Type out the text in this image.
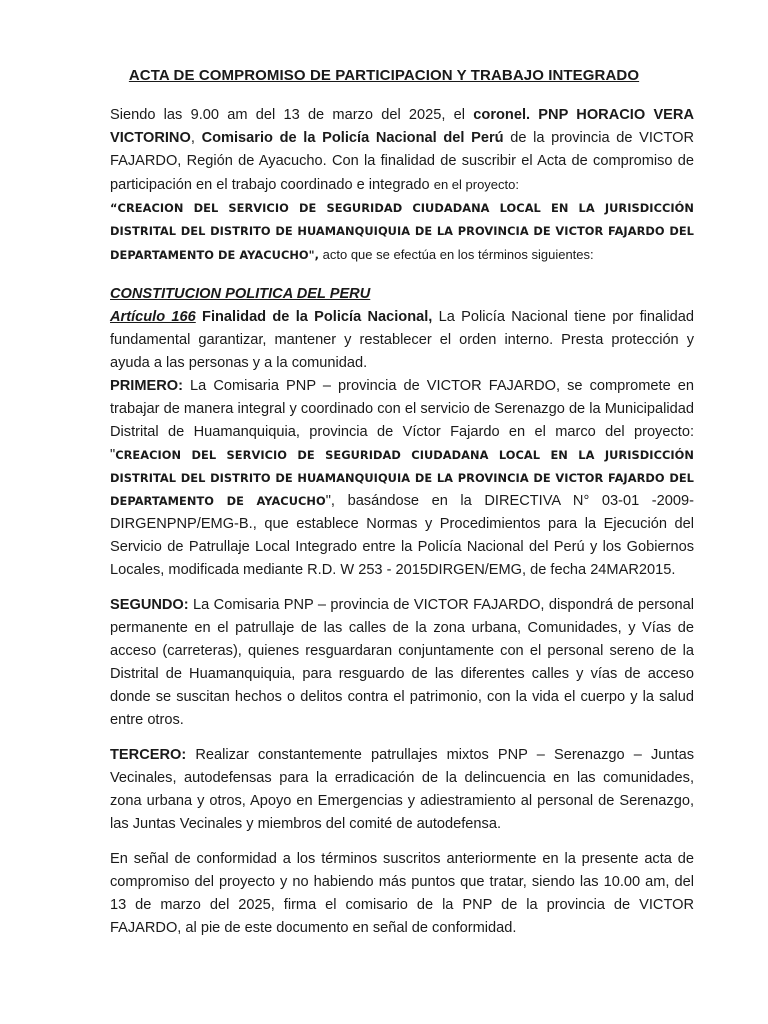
ACTA DE COMPROMISO DE PARTICIPACION Y TRABAJO INTEGRADO

Siendo las 9.00 am del 13 de marzo del 2025, el coronel. PNP HORACIO VERA VICTORINO, Comisario de la Policía Nacional del Perú de la provincia de VICTOR FAJARDO, Región de Ayacucho. Con la finalidad de suscribir el Acta de compromiso de participación en el trabajo coordinado e integrado en el proyecto:
“CREACION DEL SERVICIO DE SEGURIDAD CIUDADANA LOCAL EN LA JURISDICCIÓN DISTRITAL DEL DISTRITO DE HUAMANQUIQUIA DE LA PROVINCIA DE VICTOR FAJARDO DEL DEPARTAMENTO DE AYACUCHO", acto que se efectúa en los términos siguientes:

CONSTITUCION POLITICA DEL PERU
Artículo 166 Finalidad de la Policía Nacional, La Policía Nacional tiene por finalidad fundamental garantizar, mantener y restablecer el orden interno. Presta protección y ayuda a las personas y a la comunidad.

PRIMERO: La Comisaria PNP – provincia de VICTOR FAJARDO, se compromete en trabajar de manera integral y coordinado con el servicio de Serenazgo de la Municipalidad Distrital de Huamanquiquia, provincia de Víctor Fajardo en el marco del proyecto: "CREACION DEL SERVICIO DE SEGURIDAD CIUDADANA LOCAL EN LA JURISDICCIÓN DISTRITAL DEL DISTRITO DE HUAMANQUIQUIA DE LA PROVINCIA DE VICTOR FAJARDO DEL DEPARTAMENTO DE AYACUCHO", basándose en la DIRECTIVA N° 03-01 -2009-DIRGENPNP/EMG-B., que establece Normas y Procedimientos para la Ejecución del Servicio de Patrullaje Local Integrado entre la Policía Nacional del Perú y los Gobiernos Locales, modificada mediante R.D. W 253 - 2015DIRGEN/EMG, de fecha 24MAR2015.

SEGUNDO: La Comisaria PNP – provincia de VICTOR FAJARDO, dispondrá de personal permanente en el patrullaje de las calles de la zona urbana, Comunidades, y Vías de acceso (carreteras), quienes resguardaran conjuntamente con el personal sereno de la Distrital de Huamanquiquia, para resguardo de las diferentes calles y vías de acceso donde se suscitan hechos o delitos contra el patrimonio, con la vida el cuerpo y la salud entre otros.

TERCERO: Realizar constantemente patrullajes mixtos PNP – Serenazgo – Juntas Vecinales, autodefensas para la erradicación de la delincuencia en las comunidades, zona urbana y otros, Apoyo en Emergencias y adiestramiento al personal de Serenazgo, las Juntas Vecinales y miembros del comité de autodefensa.

En señal de conformidad a los términos suscritos anteriormente en la presente acta de compromiso del proyecto y no habiendo más puntos que tratar, siendo las 10.00 am, del 13 de marzo del 2025, firma el comisario de la PNP de la provincia de VICTOR FAJARDO, al pie de este documento en señal de conformidad.
